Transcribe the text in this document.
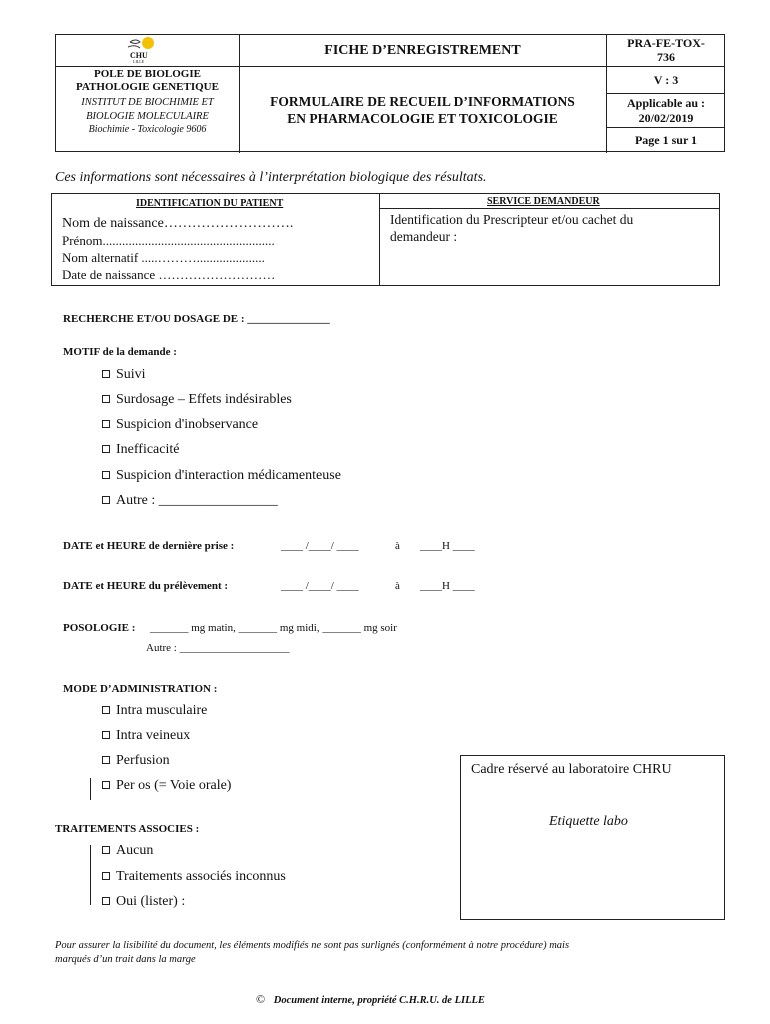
CHU
LILLE
POLE DE BIOLOGIE PATHOLOGIE GENETIQUE
INSTITUT DE BIOCHIMIE ET BIOLOGIE MOLECULAIRE
Biochimie - Toxicologie 9606
FICHE D’ENREGISTREMENT
FORMULAIRE DE RECUEIL D’INFORMATIONS
EN PHARMACOLOGIE ET TOXICOLOGIE
PRA-FE-TOX-
736
V : 3
Applicable au :
20/02/2019
Page 1 sur 1
Ces informations sont nécessaires à l’interprétation biologique des résultats.
IDENTIFICATION DU PATIENT
Nom de naissance……………………….
Prénom.....................................................
Nom alternatif .....……….....................
Date de naissance ………………………
SERVICE DEMANDEUR
Identification du Prescripteur et/ou cachet du
demandeur :
RECHERCHE ET/OU DOSAGE DE : _______________
MOTIF de la demande :
Suivi
Surdosage – Effets indésirables
Suspicion d'inobservance
Inefficacité
Suspicion d'interaction médicamenteuse
Autre : _________________
DATE et HEURE de dernière prise :	____ /____/ ____	à ____H ____
DATE et HEURE du prélèvement :	____ /____/ ____	à ____H ____
POSOLOGIE : _______ mg matin, _______ mg midi, _______ mg soir
Autre : ____________________
MODE D’ADMINISTRATION :
Intra musculaire
Intra veineux
Perfusion
Per os (= Voie orale)
TRAITEMENTS ASSOCIES :
Aucun
Traitements associés inconnus
Oui (lister) :
Cadre réservé au laboratoire CHRU
Etiquette labo
Pour assurer la lisibilité du document, les éléments modifiés ne sont pas surlignés (conformément à notre procédure) mais
marqués d’un trait dans la marge
© Document interne, propriété C.H.R.U. de LILLE
